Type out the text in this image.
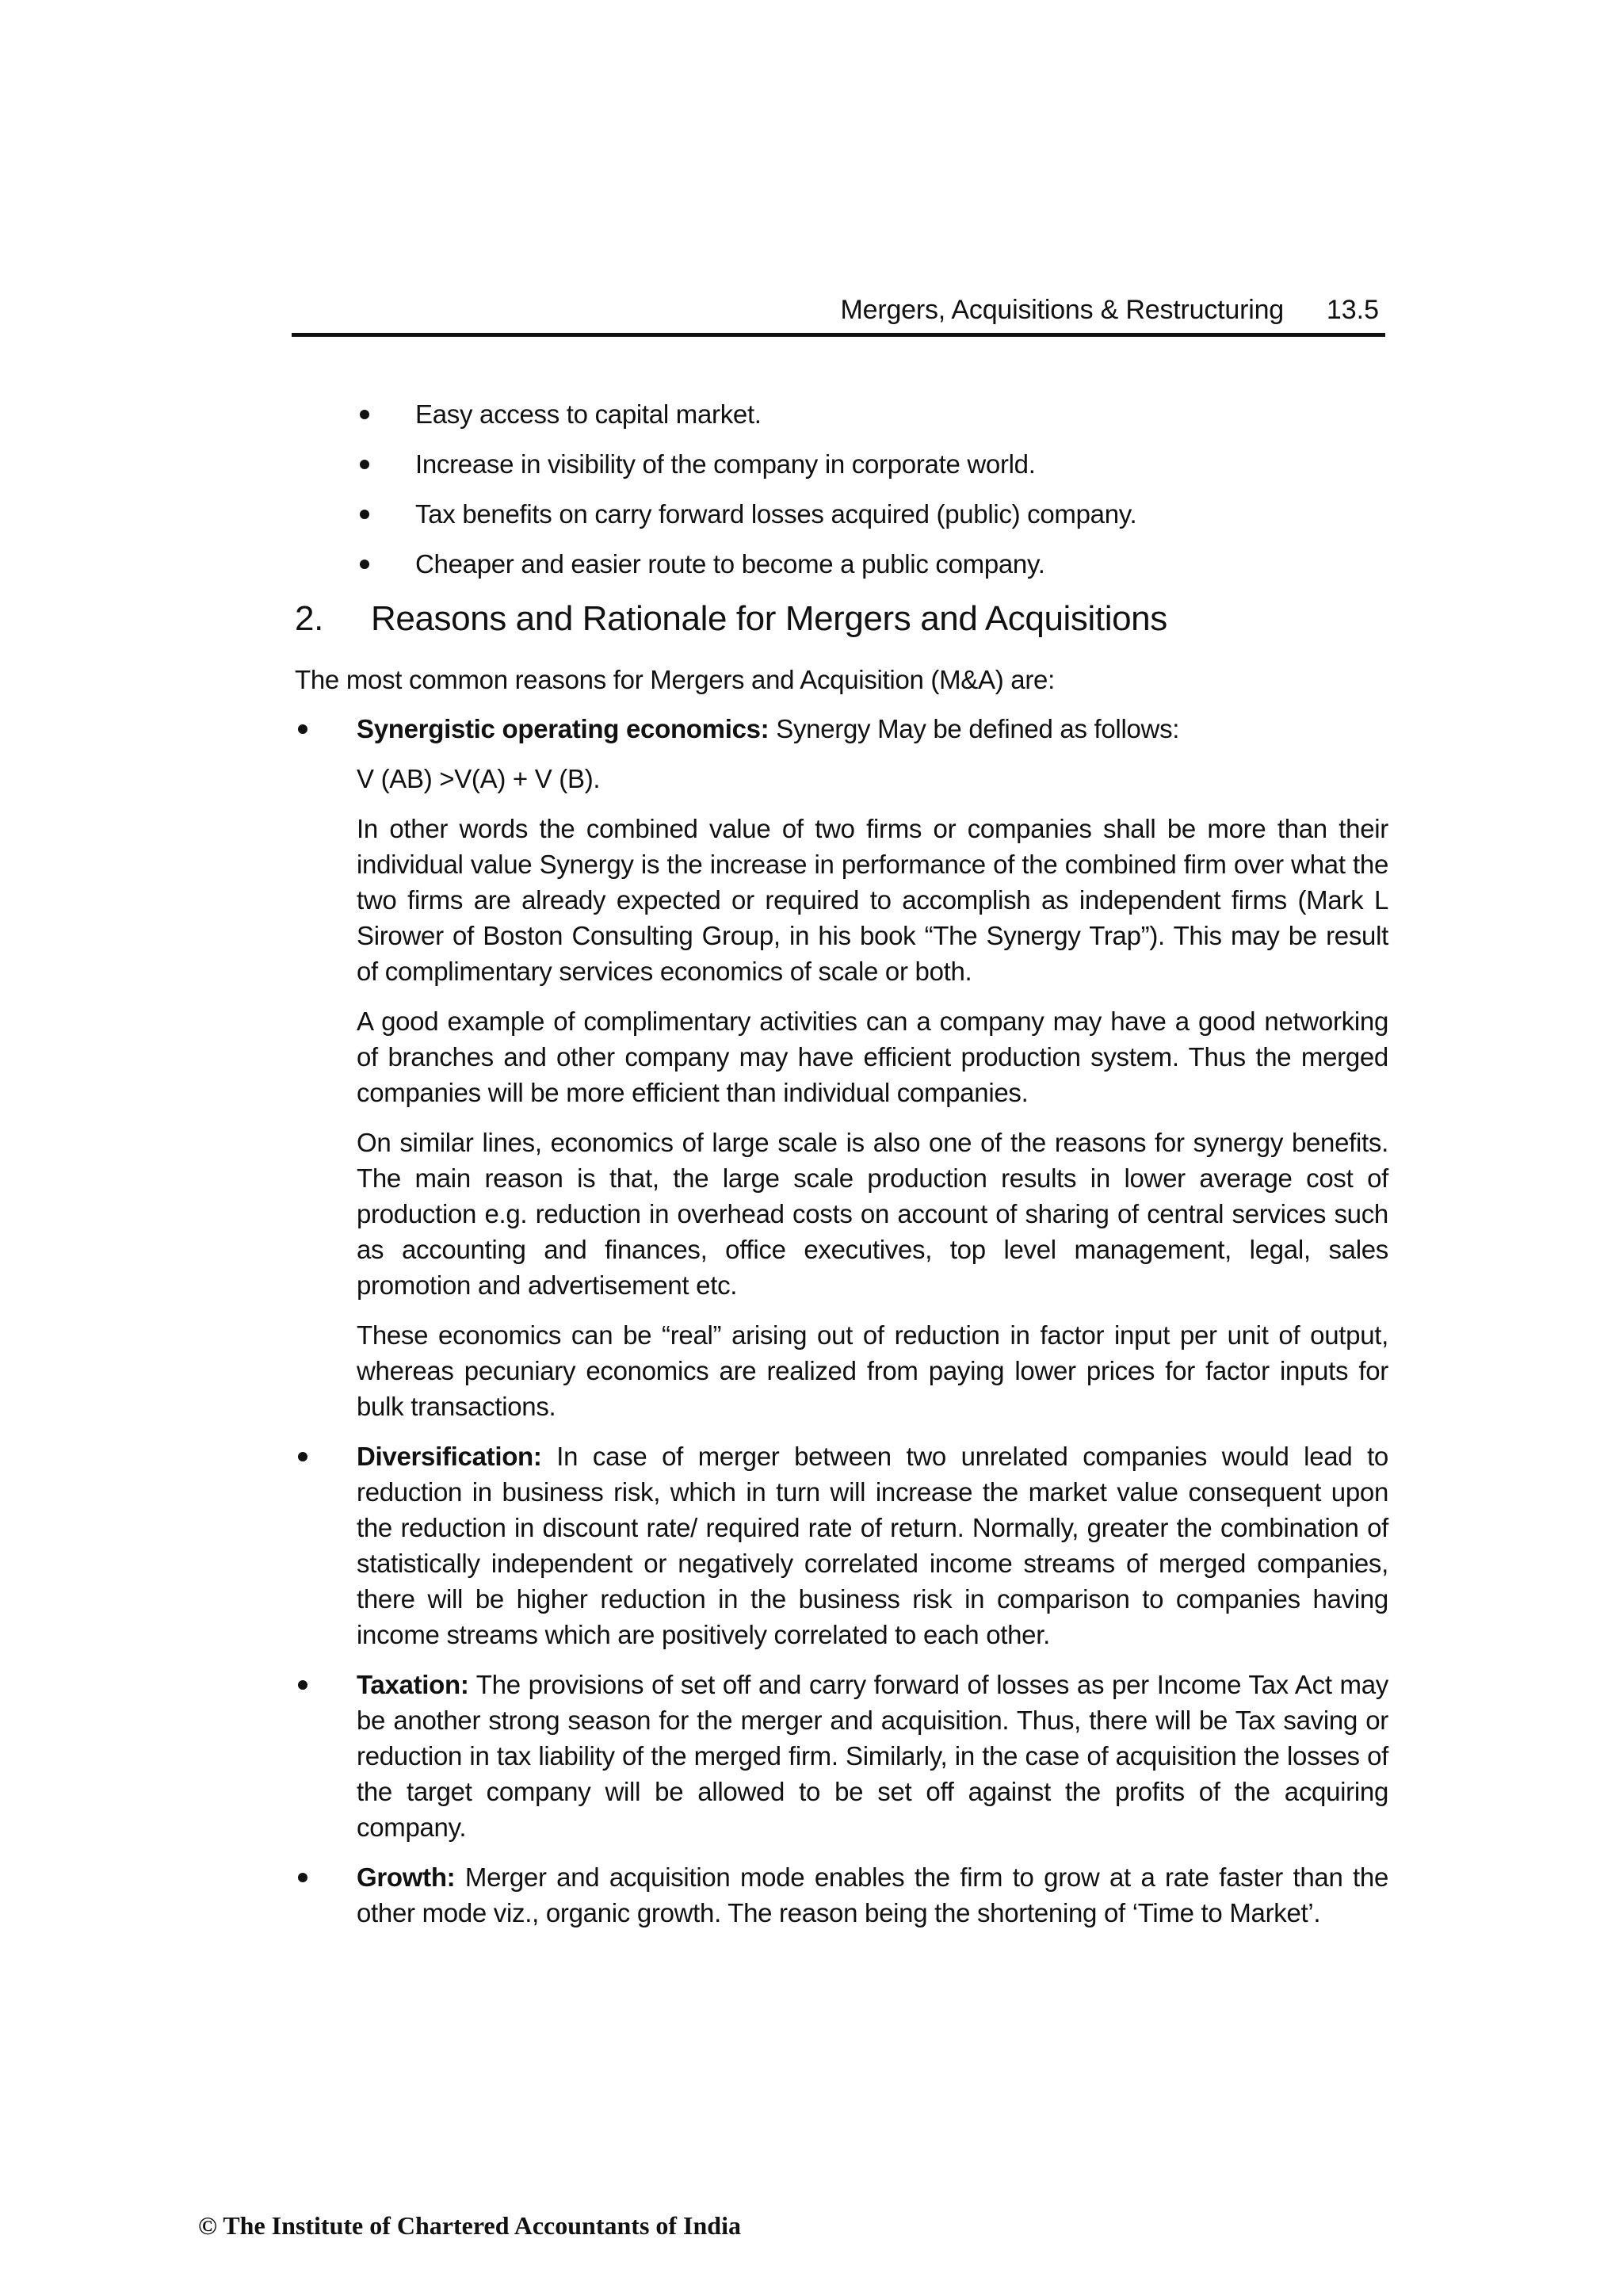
Mergers, Acquisitions & Restructuring 13.5
Easy access to capital market.
Increase in visibility of the company in corporate world.
Tax benefits on carry forward losses acquired (public) company.
Cheaper and easier route to become a public company.
2. Reasons and Rationale for Mergers and Acquisitions

The most common reasons for Mergers and Acquisition (M&A) are:

Synergistic operating economics: Synergy May be defined as follows:

V (AB) >V(A) + V (B).

In other words the combined value of two firms or companies shall be more than their individual value Synergy is the increase in performance of the combined firm over what the two firms are already expected or required to accomplish as independent firms (Mark L Sirower of Boston Consulting Group, in his book “The Synergy Trap”). This may be result of complimentary services economics of scale or both.

A good example of complimentary activities can a company may have a good networking of branches and other company may have efficient production system. Thus the merged companies will be more efficient than individual companies.

On similar lines, economics of large scale is also one of the reasons for synergy benefits. The main reason is that, the large scale production results in lower average cost of production e.g. reduction in overhead costs on account of sharing of central services such as accounting and finances, office executives, top level management, legal, sales promotion and advertisement etc.

These economics can be “real” arising out of reduction in factor input per unit of output, whereas pecuniary economics are realized from paying lower prices for factor inputs for bulk transactions.

Diversification: In case of merger between two unrelated companies would lead to reduction in business risk, which in turn will increase the market value consequent upon the reduction in discount rate/ required rate of return. Normally, greater the combination of statistically independent or negatively correlated income streams of merged companies, there will be higher reduction in the business risk in comparison to companies having income streams which are positively correlated to each other.

Taxation: The provisions of set off and carry forward of losses as per Income Tax Act may be another strong season for the merger and acquisition. Thus, there will be Tax saving or reduction in tax liability of the merged firm. Similarly, in the case of acquisition the losses of the target company will be allowed to be set off against the profits of the acquiring company.

Growth: Merger and acquisition mode enables the firm to grow at a rate faster than the other mode viz., organic growth. The reason being the shortening of ‘Time to Market’.

© The Institute of Chartered Accountants of India
